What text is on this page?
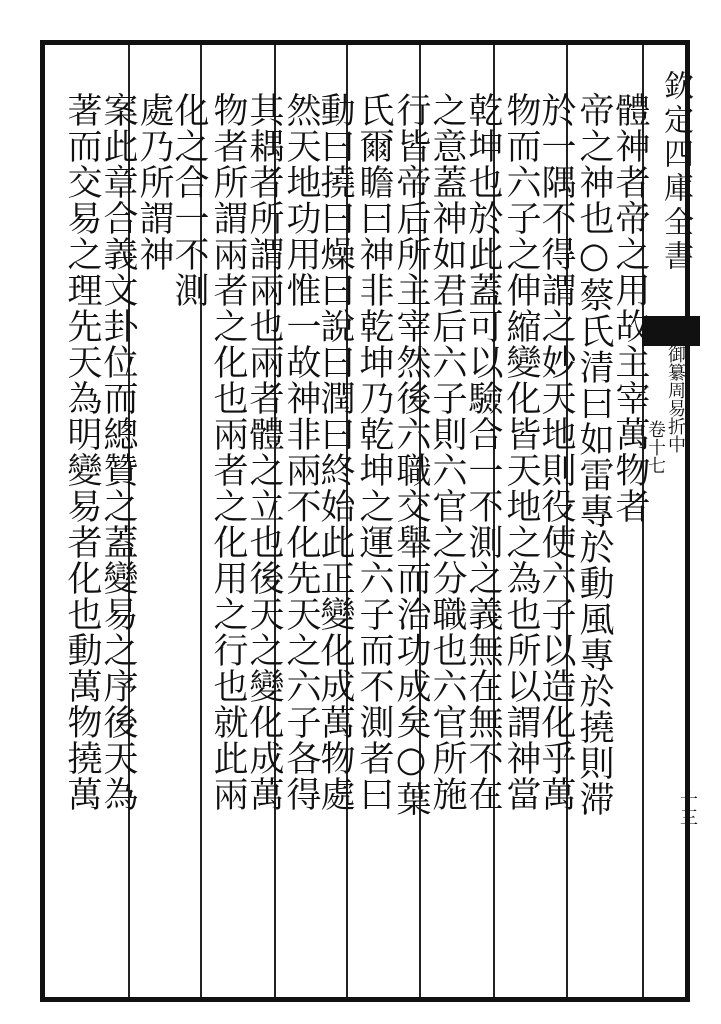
欽定四庫全書
御纂周易折中
卷十七
十三
體神者帝之用故主宰萬物者
帝之神也○蔡氏清曰如雷專於動風專於撓則滞
於一隅不得謂之妙天地則役使六子以造化乎萬
物而六子之伸縮變化皆天地之為也所以謂神當
乾坤也於此蓋可以驗合一不測之義無在無不在
之意蓋神如君后六子則六官之分職也六官所施
行皆帝后所主宰然後六職交舉而治功成矣○葉
氏爾瞻曰神非乾坤乃乾坤之運六子而不測者曰
動曰撓曰燥曰說曰潤曰終始此正變化成萬物處
然天地功用惟一故神非兩不化先天之六子各得
其耦者所謂兩也兩者體之立也後天之變化成萬
物者所謂兩者之化也兩者之化用之行也就此兩
化之合一不測
處乃所謂神
案此章合義文卦位而總贊之蓋變易之序後天為
著而交易之理先天為明變易者化也動萬物撓萬
